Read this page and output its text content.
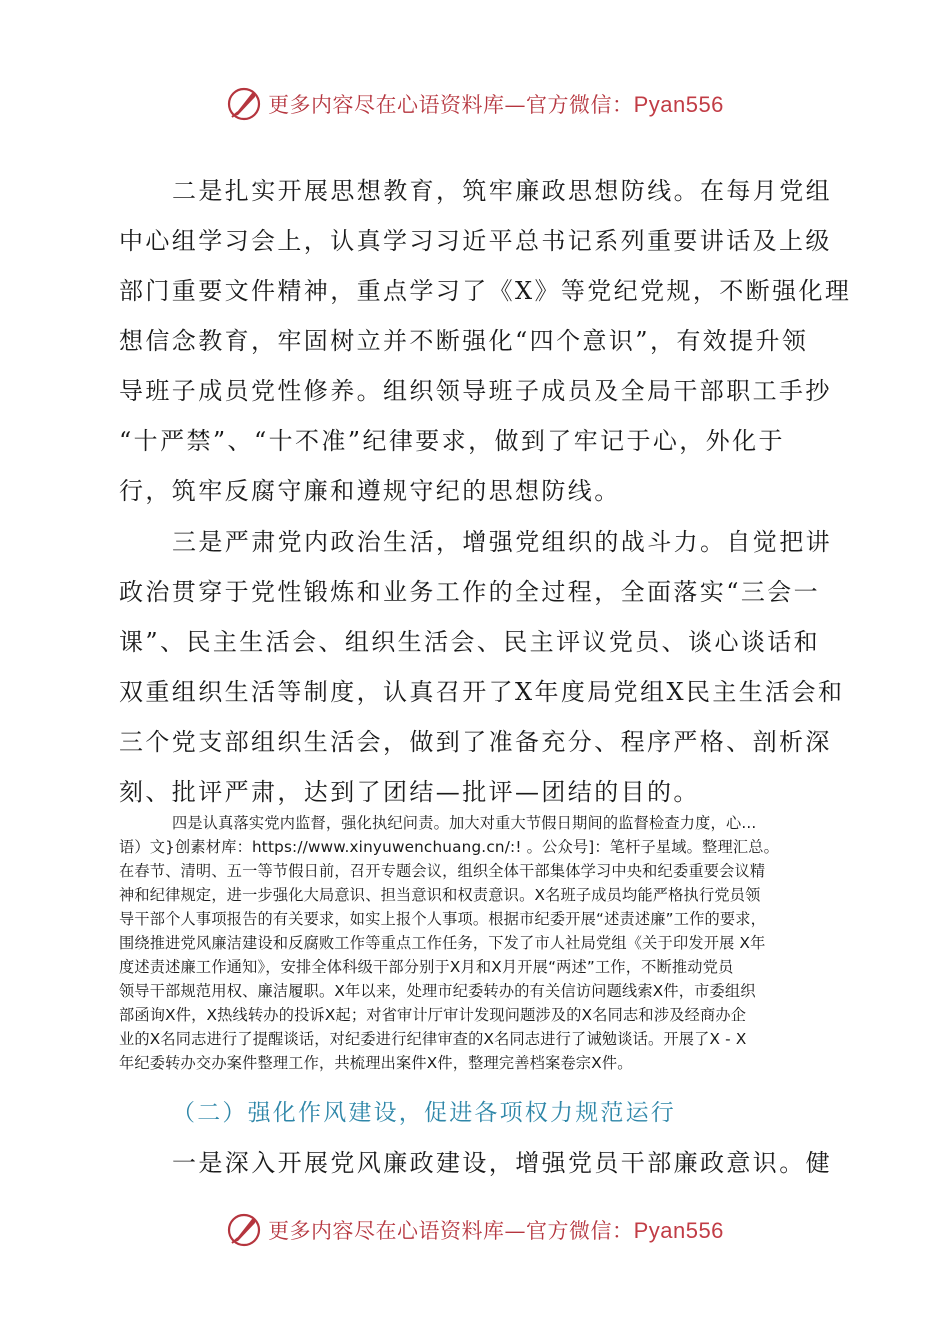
更多内容尽在心语资料库—官方微信：Pyan556
二是扎实开展思想教育，筑牢廉政思想防线。在每月党组
中心组学习会上，认真学习习近平总书记系列重要讲话及上级
部门重要文件精神，重点学习了《X》等党纪党规，不断强化理
想信念教育，牢固树立并不断强化“四个意识”，有效提升领
导班子成员党性修养。组织领导班子成员及全局干部职工手抄
“十严禁”、“十不准”纪律要求，做到了牢记于心，外化于
行，筑牢反腐守廉和遵规守纪的思想防线。
三是严肃党内政治生活，增强党组织的战斗力。自觉把讲
政治贯穿于党性锻炼和业务工作的全过程，全面落实“三会一
课”、民主生活会、组织生活会、民主评议党员、谈心谈话和
双重组织生活等制度，认真召开了X年度局党组X民主生活会和
三个党支部组织生活会，做到了准备充分、程序严格、剖析深
刻、批评严肃，达到了团结—批评—团结的目的。
四是认真落实党内监督，强化执纪问责。加大对重大节假日期间的监督检查力度，心...
语）文}创素材库：https://www.xinyuwenchuang.cn/:! 。公众号]：笔杆子星域。整理汇总。
在春节、清明、五一等节假日前，召开专题会议，组织全体干部集体学习中央和纪委重要会议精
神和纪律规定，进一步强化大局意识、担当意识和权责意识。X名班子成员均能严格执行党员领
导干部个人事项报告的有关要求，如实上报个人事项。根据市纪委开展“述责述廉”工作的要求，
围绕推进党风廉洁建设和反腐败工作等重点工作任务，下发了市人社局党组《关于印发开展 X年
度述责述廉工作通知》，安排全体科级干部分别于X月和X月开展“两述”工作，不断推动党员
领导干部规范用权、廉洁履职。X年以来，处理市纪委转办的有关信访问题线索X件，市委组织
部函询X件，X热线转办的投诉X起；对省审计厅审计发现问题涉及的X名同志和涉及经商办企
业的X名同志进行了提醒谈话，对纪委进行纪律审查的X名同志进行了诫勉谈话。开展了X - X
年纪委转办交办案件整理工作，共梳理出案件X件，整理完善档案卷宗X件。
（二）强化作风建设，促进各项权力规范运行
一是深入开展党风廉政建设，增强党员干部廉政意识。健
更多内容尽在心语资料库—官方微信：Pyan556
